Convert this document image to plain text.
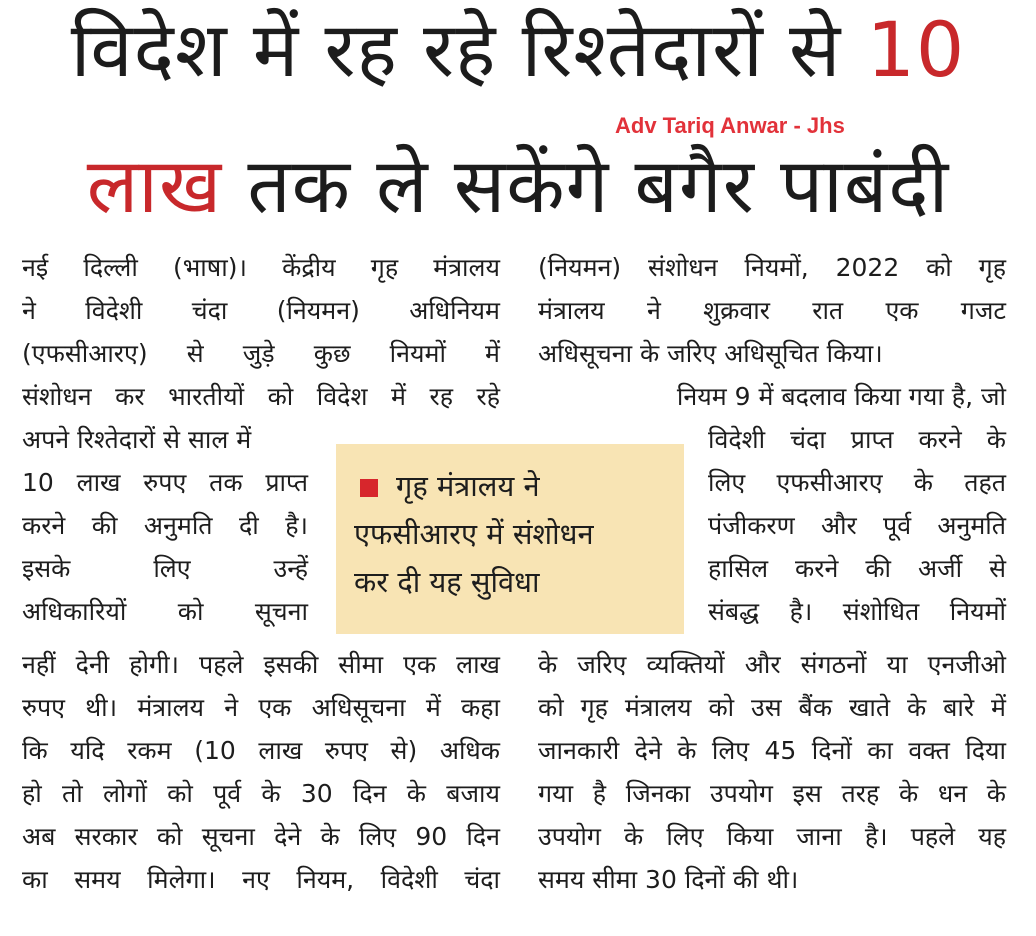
विदेश में रह रहे रिश्तेदारों से 10
Adv Tariq Anwar - Jhs
लाख तक ले सकेंगे बगैर पाबंदी
नई दिल्ली (भाषा)। केंद्रीय गृह मंत्रालय
ने विदेशी चंदा (नियमन) अधिनियम
(एफसीआरए) से जुड़े कुछ नियमों में
संशोधन कर भारतीयों को विदेश में रह रहे
अपने रिश्तेदारों से साल में
10 लाख रुपए तक प्राप्त
करने की अनुमति दी है।
इसके लिए उन्हें
अधिकारियों को सूचना
नहीं देनी होगी। पहले इसकी सीमा एक लाख
रुपए थी। मंत्रालय ने एक अधिसूचना में कहा
कि यदि रकम (10 लाख रुपए से) अधिक
हो तो लोगों को पूर्व के 30 दिन के बजाय
अब सरकार को सूचना देने के लिए 90 दिन
का समय मिलेगा। नए नियम, विदेशी चंदा
(नियमन) संशोधन नियमों, 2022 को गृह
मंत्रालय ने शुक्रवार रात एक गजट
अधिसूचना के जरिए अधिसूचित किया।
नियम 9 में बदलाव किया गया है, जो
विदेशी चंदा प्राप्त करने के
लिए एफसीआरए के तहत
पंजीकरण और पूर्व अनुमति
हासिल करने की अर्जी से
संबद्ध है। संशोधित नियमों
के जरिए व्यक्तियों और संगठनों या एनजीओ
को गृह मंत्रालय को उस बैंक खाते के बारे में
जानकारी देने के लिए 45 दिनों का वक्त दिया
गया है जिनका उपयोग इस तरह के धन के
उपयोग के लिए किया जाना है। पहले यह
समय सीमा 30 दिनों की थी।
गृह मंत्रालय ने
एफसीआरए में संशोधन
कर दी यह सुविधा
